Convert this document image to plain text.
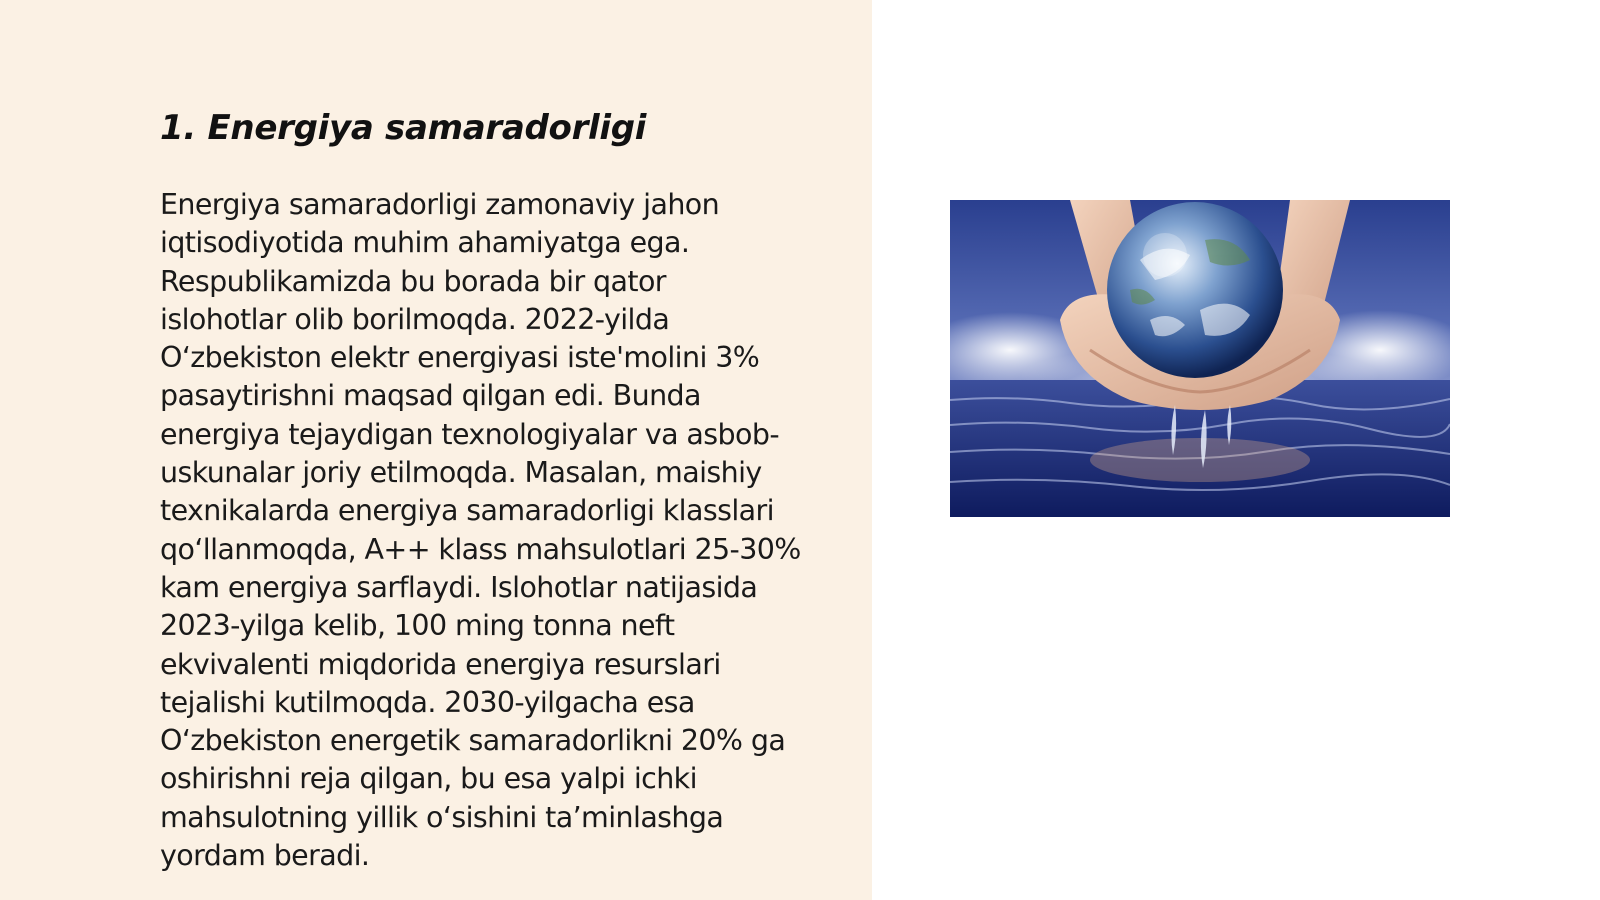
1. Energiya samaradorligi

Energiya samaradorligi zamonaviy jahon
iqtisodiyotida muhim ahamiyatga ega.
Respublikamizda bu borada bir qator
islohotlar olib borilmoqda. 2022-yilda
O‘zbekiston elektr energiyasi iste'molini 3%
pasaytirishni maqsad qilgan edi. Bunda
energiya tejaydigan texnologiyalar va asbob-
uskunalar joriy etilmoqda. Masalan, maishiy
texnikalarda energiya samaradorligi klasslari
qo‘llanmoqda, A++ klass mahsulotlari 25-30%
kam energiya sarflaydi. Islohotlar natijasida
2023-yilga kelib, 100 ming tonna neft
ekvivalenti miqdorida energiya resurslari
tejalishi kutilmoqda. 2030-yilgacha esa
O‘zbekiston energetik samaradorlikni 20% ga
oshirishni reja qilgan, bu esa yalpi ichki
mahsulotning yillik o‘sishini ta’minlashga
yordam beradi.
